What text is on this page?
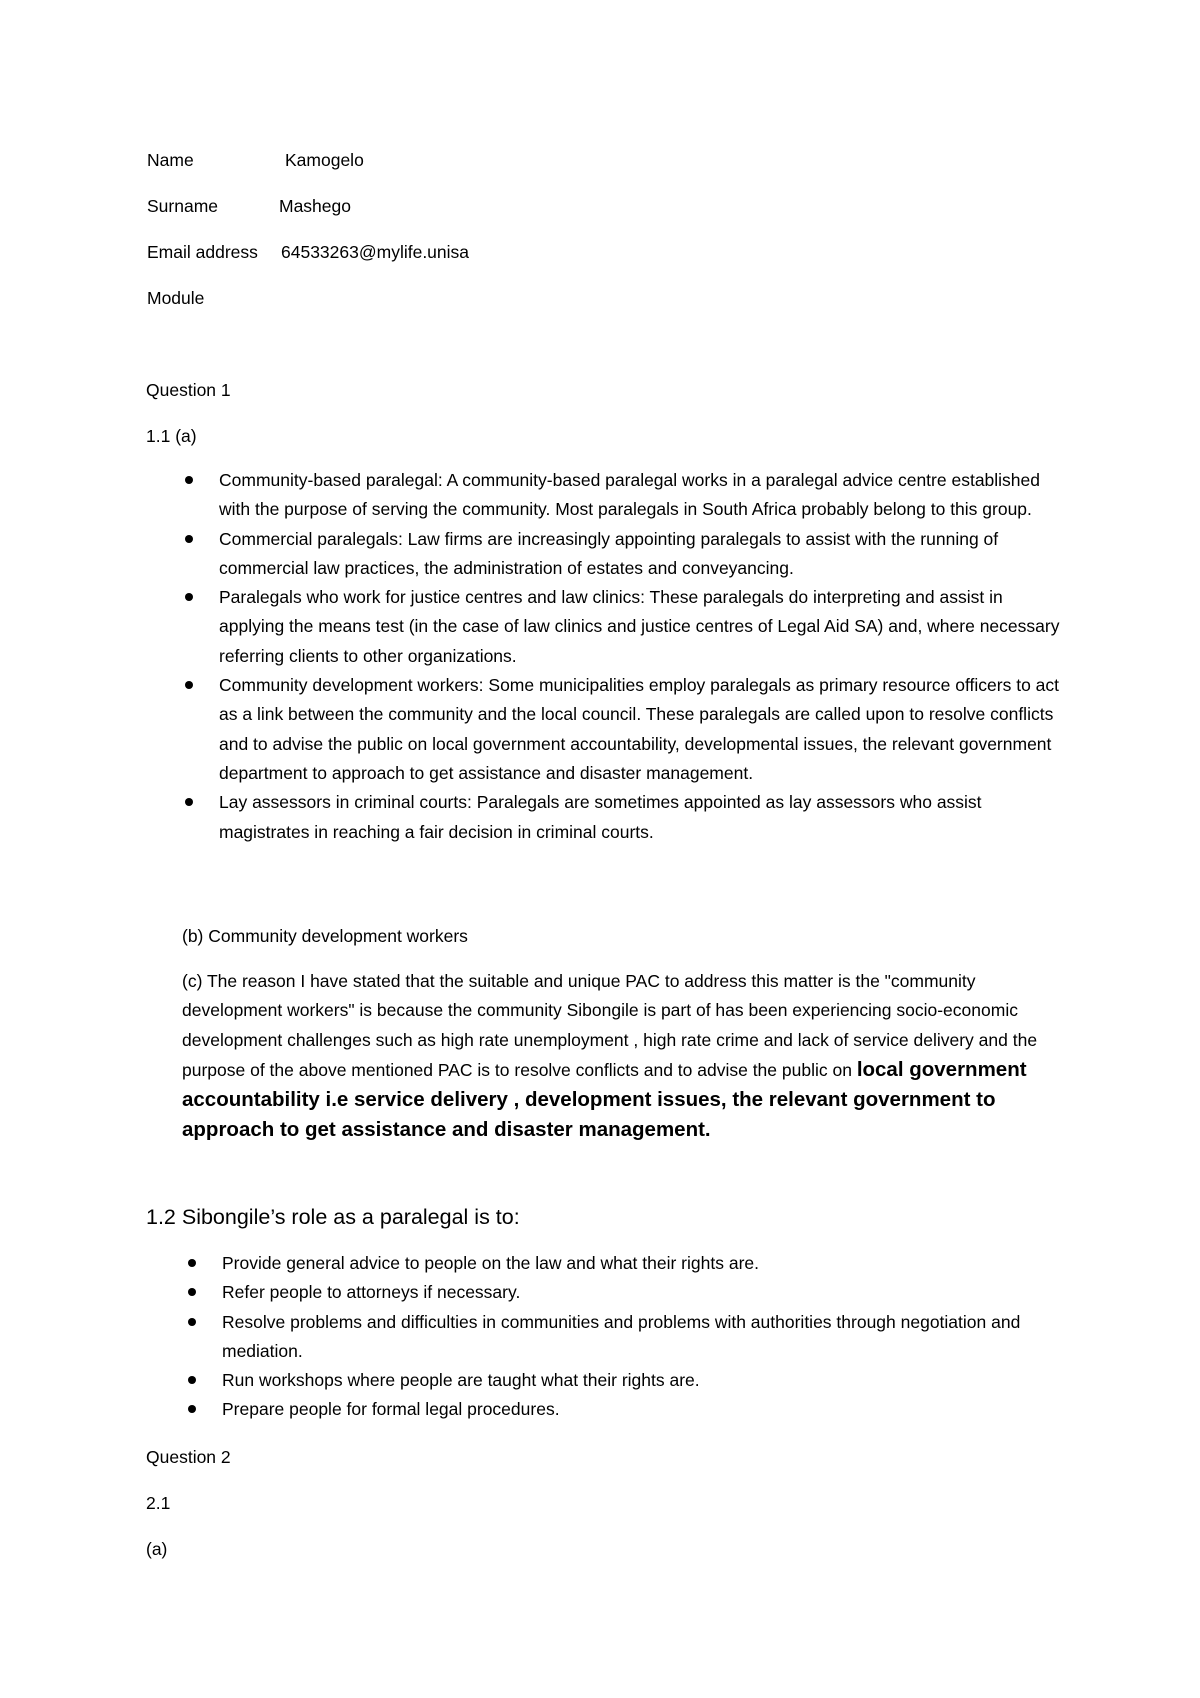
Name	Kamogelo
Surname	Mashego
Email address 64533263@mylife.unisa
Module
Question 1
1.1 (a)
Community-based paralegal: A community-based paralegal works in a paralegal advice centre established with the purpose of serving the community. Most paralegals in South Africa probably belong to this group.
Commercial paralegals: Law firms are increasingly appointing paralegals to assist with the running of commercial law practices, the administration of estates and conveyancing.
Paralegals who work for justice centres and law clinics: These paralegals do interpreting and assist in applying the means test (in the case of law clinics and justice centres of Legal Aid SA) and, where necessary referring clients to other organizations.
Community development workers: Some municipalities employ paralegals as primary resource officers to act as a link between the community and the local council. These paralegals are called upon to resolve conflicts and to advise the public on local government accountability, developmental issues, the relevant government department to approach to get assistance and disaster management.
Lay assessors in criminal courts: Paralegals are sometimes appointed as lay assessors who assist magistrates in reaching a fair decision in criminal courts.
(b) Community development workers
(c) The reason I have stated that the suitable and unique PAC to address this matter is the "community development workers" is because the community Sibongile is part of has been experiencing socio-economic development challenges such as high rate unemployment , high rate crime and lack of service delivery and the purpose of the above mentioned PAC is to resolve conflicts and to advise the public on local government accountability i.e service delivery , development issues, the relevant government to approach to get assistance and disaster management.
1.2 Sibongile’s role as a paralegal is to:
Provide general advice to people on the law and what their rights are.
Refer people to attorneys if necessary.
Resolve problems and difficulties in communities and problems with authorities through negotiation and mediation.
Run workshops where people are taught what their rights are.
Prepare people for formal legal procedures.
Question 2
2.1
(a)
